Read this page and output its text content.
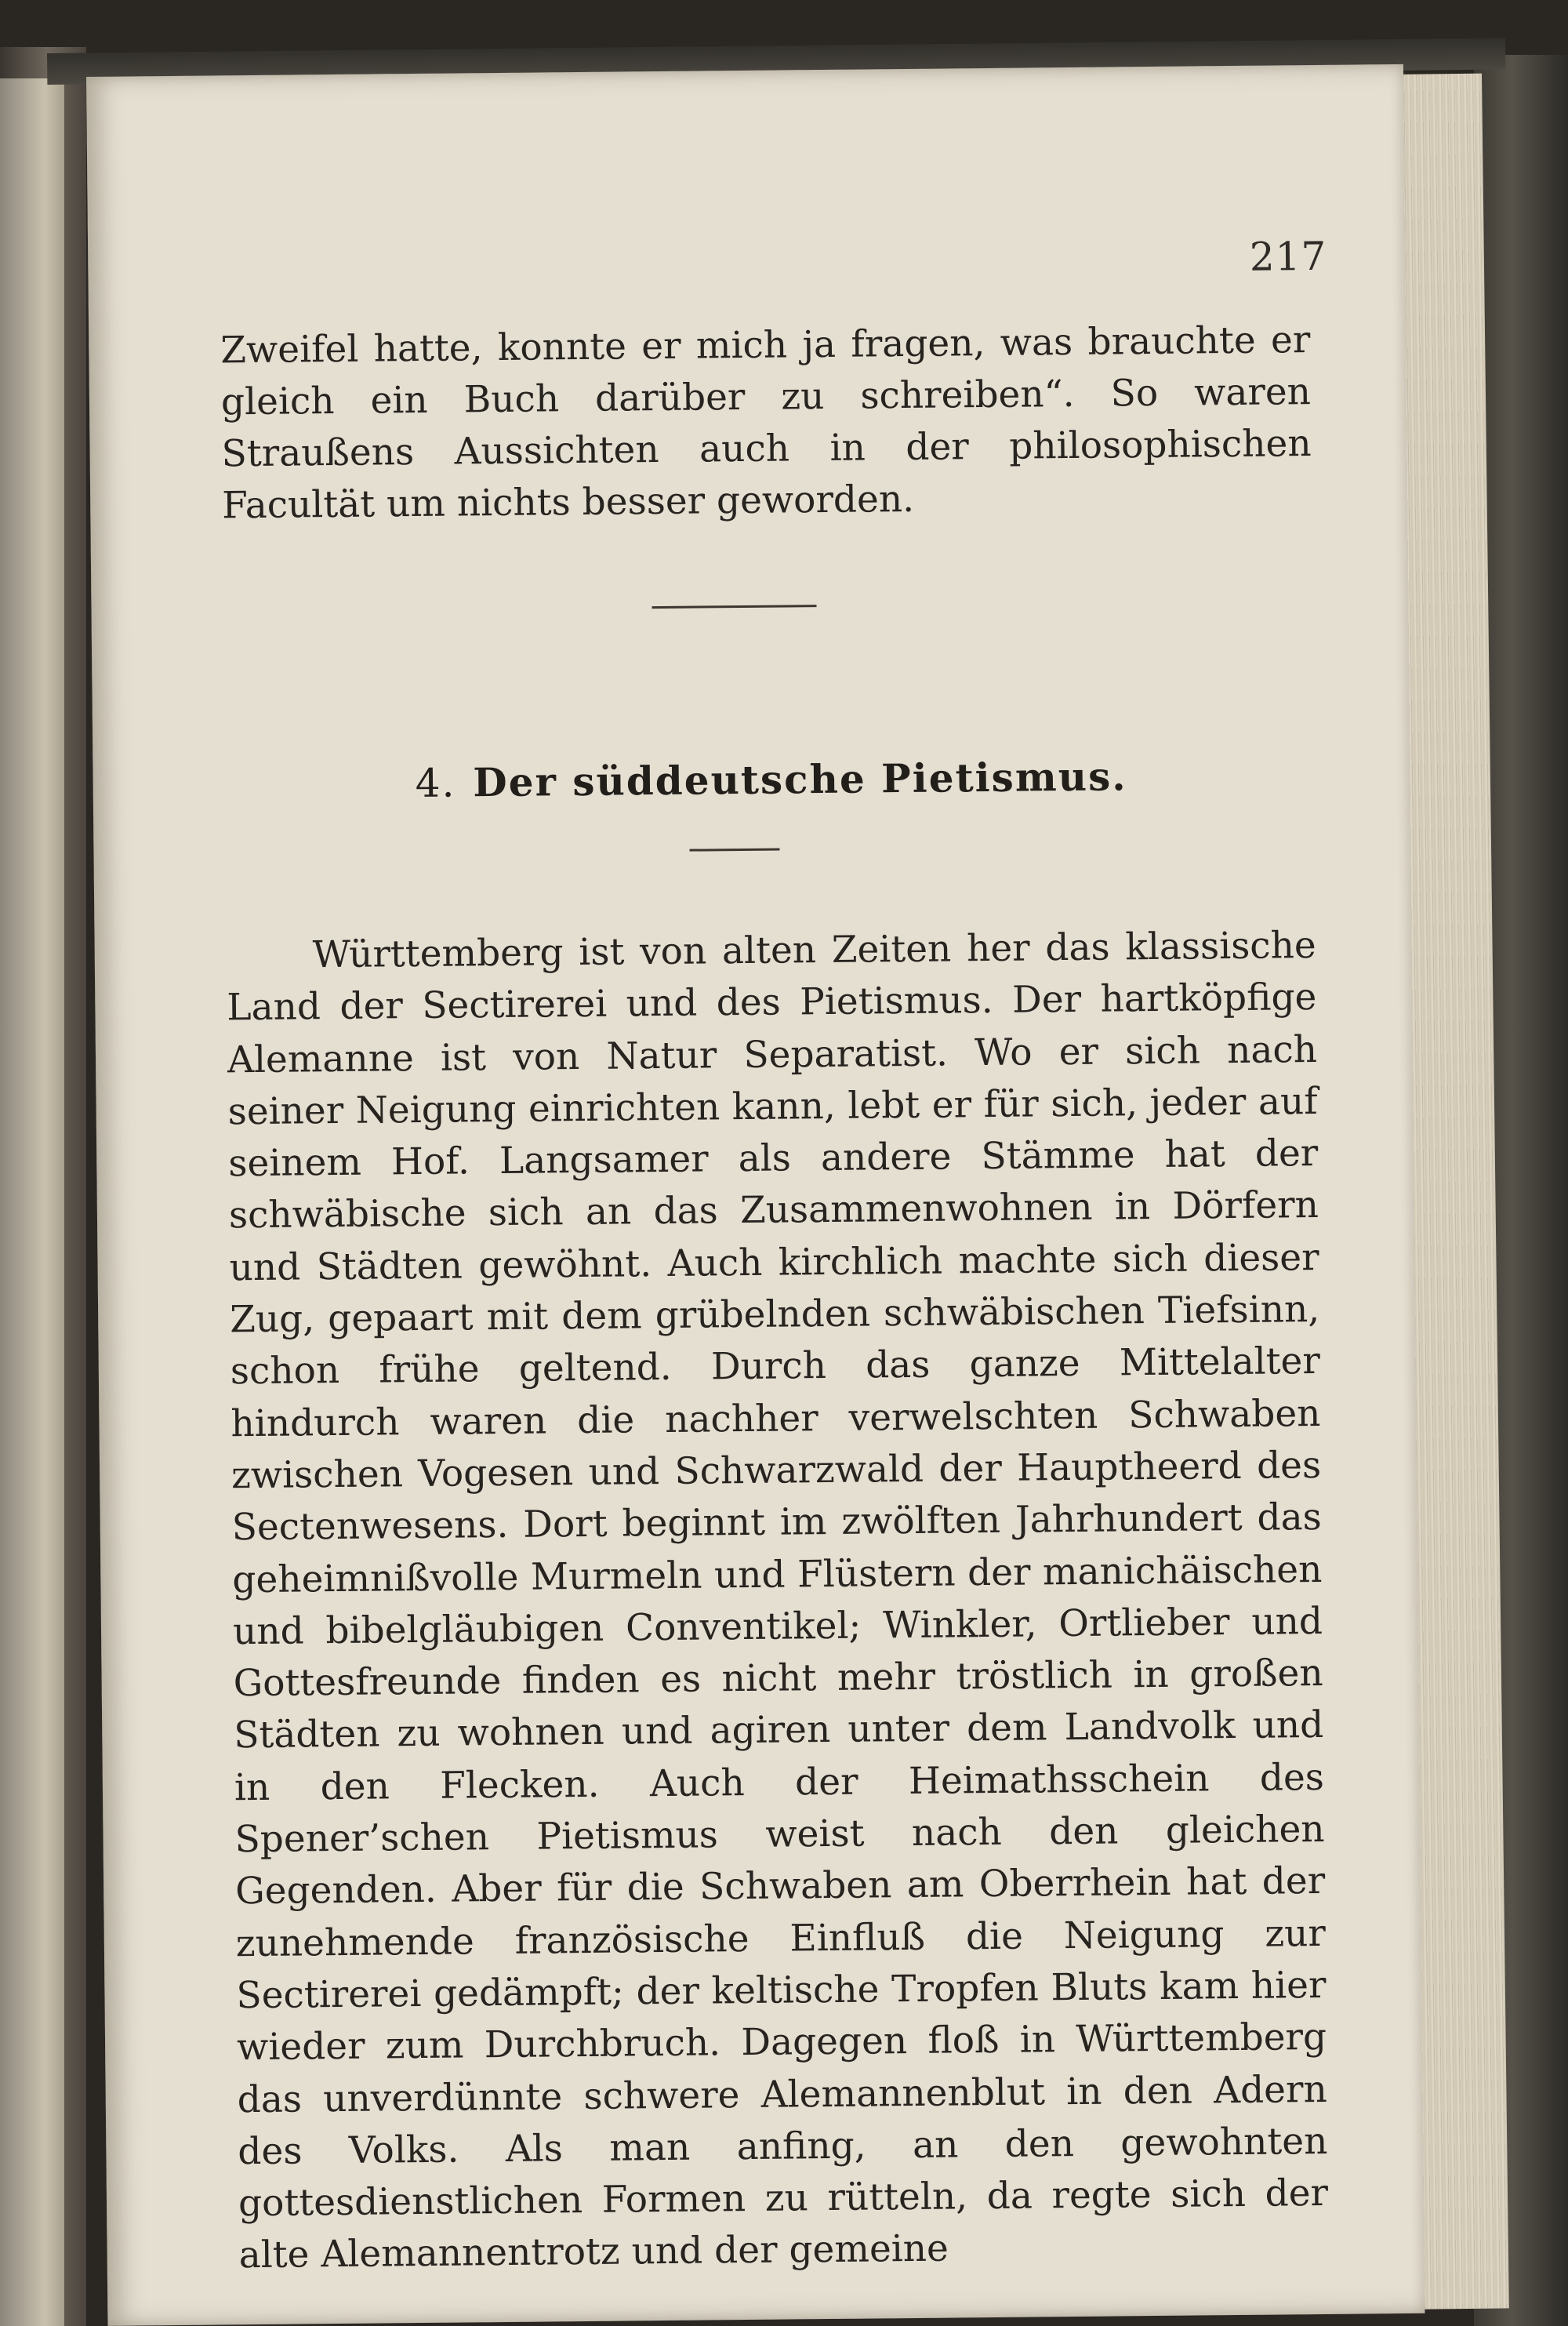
217
Zweifel hatte, konnte er mich ja fragen, was brauchte er gleich ein Buch darüber zu schreiben“. So waren Straußens Aussichten auch in der philosophischen Facultät um nichts besser geworden.
4. Der süddeutsche Pietismus.
Württemberg ist von alten Zeiten her das klassische Land der Sectirerei und des Pietismus. Der hartköpfige Alemanne ist von Natur Separatist. Wo er sich nach seiner Neigung einrichten kann, lebt er für sich, jeder auf seinem Hof. Langsamer als andere Stämme hat der schwäbische sich an das Zusammenwohnen in Dörfern und Städten gewöhnt. Auch kirchlich machte sich dieser Zug, gepaart mit dem grübelnden schwäbischen Tiefsinn, schon frühe geltend. Durch das ganze Mittelalter hindurch waren die nachher verwelschten Schwaben zwischen Vogesen und Schwarzwald der Hauptheerd des Sectenwesens. Dort beginnt im zwölften Jahrhundert das geheimnißvolle Murmeln und Flüstern der manichäischen und bibelgläubigen Conventikel; Winkler, Ortlieber und Gottesfreunde finden es nicht mehr tröstlich in großen Städten zu wohnen und agiren unter dem Landvolk und in den Flecken. Auch der Heimathsschein des Spener’schen Pietismus weist nach den gleichen Gegenden. Aber für die Schwaben am Oberrhein hat der zunehmende französische Einfluß die Neigung zur Sectirerei gedämpft; der keltische Tropfen Bluts kam hier wieder zum Durchbruch. Dagegen floß in Württemberg das unverdünnte schwere Alemannenblut in den Adern des Volks. Als man anfing, an den gewohnten gottesdienstlichen Formen zu rütteln, da regte sich der alte Alemannentrotz und der gemeine
